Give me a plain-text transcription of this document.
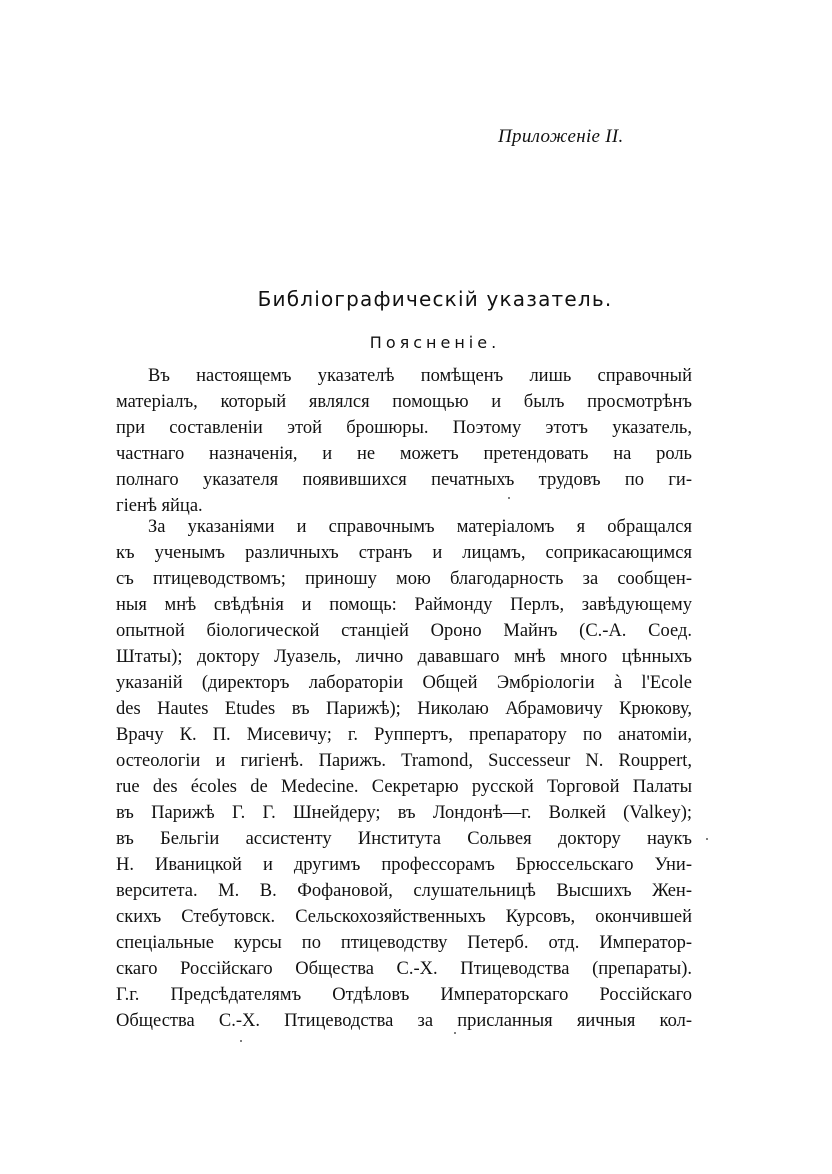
Приложеніе II.
Библіографическій указатель.
Поясненіе.
Въ настоящемъ указателѣ помѣщенъ лишь справочный
матеріалъ, который являлся помощью и былъ просмотрѣнъ
при составленіи этой брошюры. Поэтому этотъ указатель,
частнаго назначенія, и не можетъ претендовать на роль
полнаго указателя появившихся печатныхъ трудовъ по ги-
гіенѣ яйца.
За указаніями и справочнымъ матеріаломъ я обращался
къ ученымъ различныхъ странъ и лицамъ, соприкасающимся
съ птицеводствомъ; приношу мою благодарность за сообщен-
ныя мнѣ свѣдѣнія и помощь: Раймонду Перлъ, завѣдующему
опытной біологической станціей Ороно Майнъ (С.-А. Соед.
Штаты); доктору Луазель, лично дававшаго мнѣ много цѣнныхъ
указаній (директоръ лабораторіи Общей Эмбріологіи à l'Ecole
des Hautes Etudes въ Парижѣ); Николаю Абрамовичу Крюкову,
Врачу К. П. Мисевичу; г. Руппертъ, препаратору по анатоміи,
остеологіи и гигіенѣ. Парижъ. Tramond, Successeur N. Rouppert,
rue des écoles de Medecine. Секретарю русской Торговой Палаты
въ Парижѣ Г. Г. Шнейдеру; въ Лондонѣ—г. Волкей (Valkey);
въ Бельгіи ассистенту Института Сольвея доктору наукъ
Н. Иваницкой и другимъ профессорамъ Брюссельскаго Уни-
верситета. М. В. Фофановой, слушательницѣ Высшихъ Жен-
скихъ Стебутовск. Сельскохозяйственныхъ Курсовъ, окончившей
спеціальные курсы по птицеводству Петерб. отд. Император-
скаго Россійскаго Общества С.-Х. Птицеводства (препараты).
Г.г. Предсѣдателямъ Отдѣловъ Императорскаго Россійскаго
Общества С.-Х. Птицеводства за присланныя яичныя кол-
